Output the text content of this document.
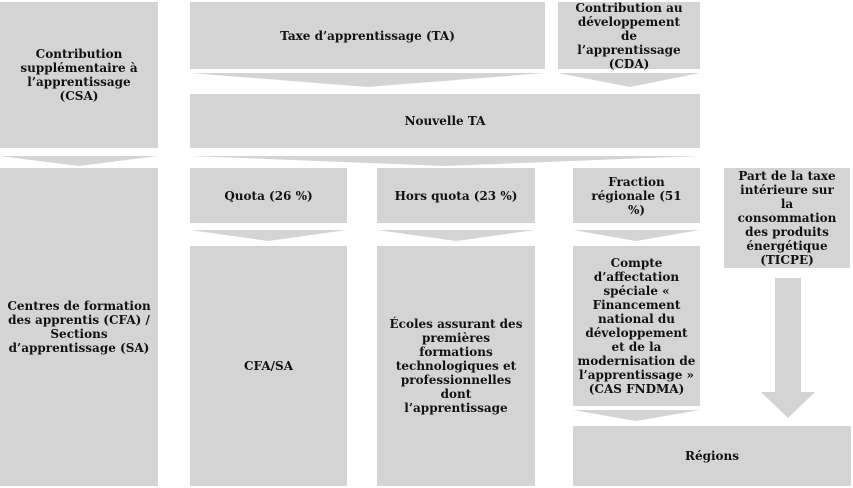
Contribution supplémentaire à l’apprentissage (CSA)
Taxe d’apprentissage (TA)
Contribution au développement de l’apprentissage (CDA)
Nouvelle TA
Centres de formation des apprentis (CFA) / Sections d’apprentissage (SA)
Quota (26 %)	Hors quota (23 %)
Fraction régionale (51 %)
Part de la taxe intérieure sur la consommation des produits énergétique (TICPE)
CFA/SA
Écoles assurant des premières formations technologiques et professionnelles dont l’apprentissage
Compte d’affectation spéciale « Financement national du développement et de la modernisation de l’apprentissage » (CAS FNDMA)
Régions
